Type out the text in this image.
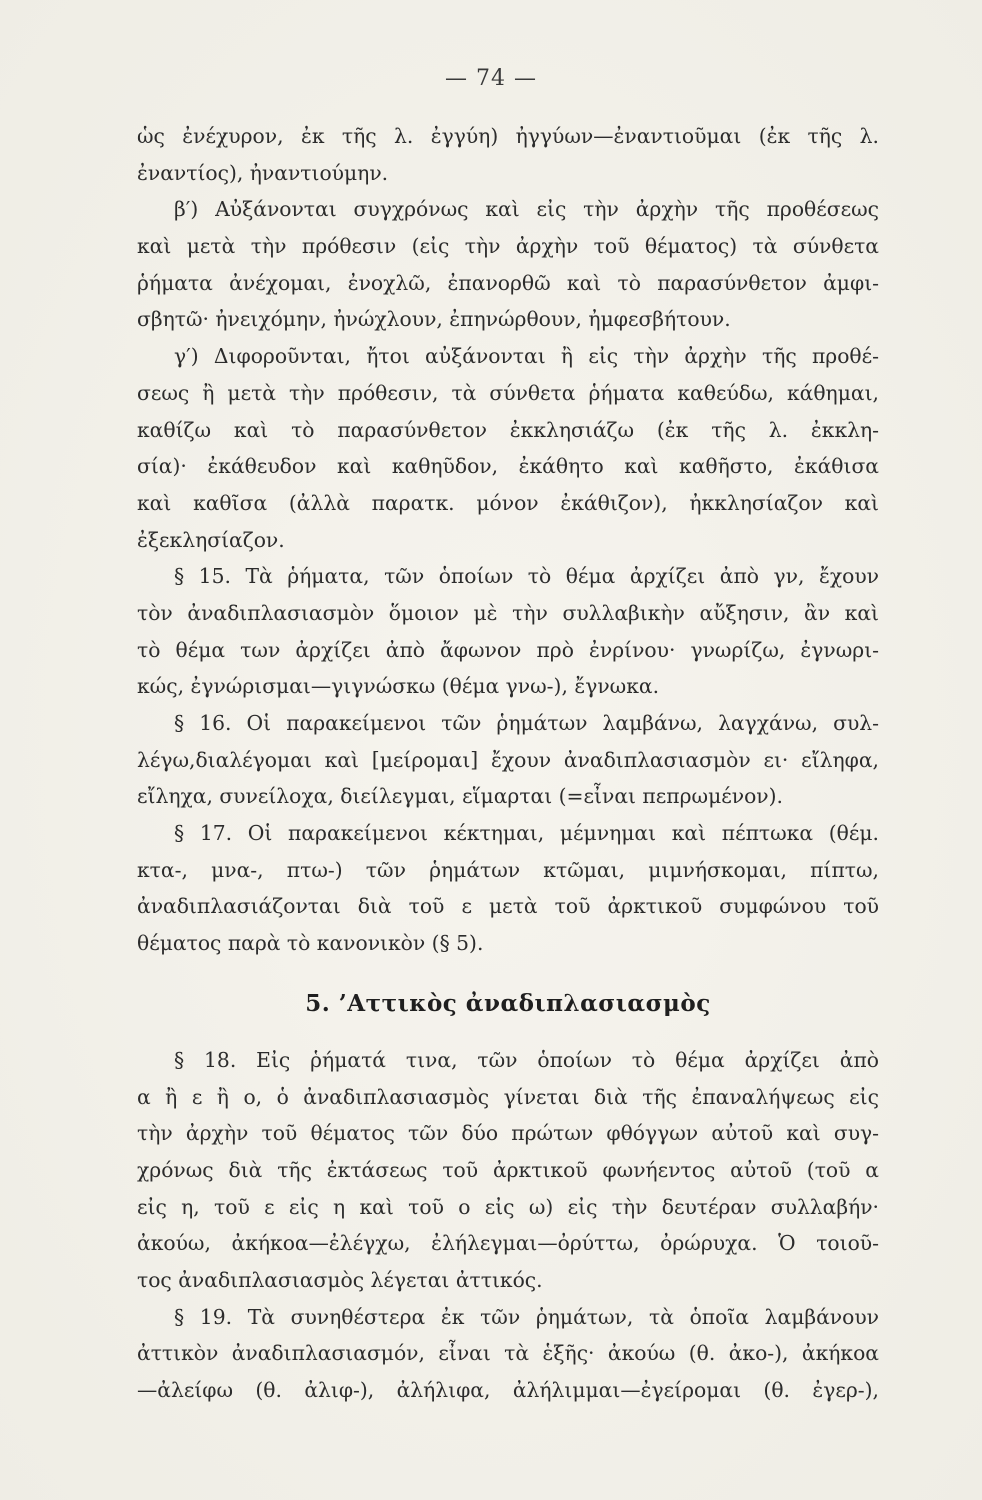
— 74 —
ὡς ἐνέχυρον, ἐκ τῆς λ. ἐγγύη) ἠγγύων—ἐναντιοῦμαι (ἐκ τῆς λ.
ἐναντίος), ἠναντιούμην.
β′) Αὐξάνονται συγχρόνως καὶ εἰς τὴν ἀρχὴν τῆς προθέσεως
καὶ μετὰ τὴν πρόθεσιν (εἰς τὴν ἀρχὴν τοῦ θέματος) τὰ σύνθετα
ῥήματα ἀνέχομαι, ἐνοχλῶ, ἐπανορθῶ καὶ τὸ παρασύνθετον ἀμφι-
σβητῶ· ἠνειχόμην, ἠνώχλουν, ἐπηνώρθουν, ἠμφεσβήτουν.
γ′) Διφοροῦνται, ἤτοι αὐξάνονται ἢ εἰς τὴν ἀρχὴν τῆς προθέ-
σεως ἢ μετὰ τὴν πρόθεσιν, τὰ σύνθετα ῥήματα καθεύδω, κάθημαι,
καθίζω καὶ τὸ παρασύνθετον ἐκκλησιάζω (ἐκ τῆς λ. ἐκκλη-
σία)· ἐκάθευδον καὶ καθηῦδον, ἐκάθητο καὶ καθῆστο, ἐκάθισα
καὶ καθῖσα (ἀλλὰ παρατκ. μόνον ἐκάθιζον), ἠκκλησίαζον καὶ
ἐξεκλησίαζον.
§ 15. Τὰ ῥήματα, τῶν ὁποίων τὸ θέμα ἀρχίζει ἀπὸ γν, ἔχουν
τὸν ἀναδιπλασιασμὸν ὅμοιον μὲ τὴν συλλαβικὴν αὔξησιν, ἂν καὶ
τὸ θέμα των ἀρχίζει ἀπὸ ἄφωνον πρὸ ἐνρίνου· γνωρίζω, ἐγνωρι-
κώς, ἐγνώρισμαι—γιγνώσκω (θέμα γνω-), ἔγνωκα.
§ 16. Οἱ παρακείμενοι τῶν ῥημάτων λαμβάνω, λαγχάνω, συλ-
λέγω,διαλέγομαι καὶ [μείρομαι] ἔχουν ἀναδιπλασιασμὸν ει· εἴληφα,
εἴληχα, συνείλοχα, διείλεγμαι, εἵμαρται (=εἶναι πεπρωμένον).
§ 17. Οἱ παρακείμενοι κέκτημαι, μέμνημαι καὶ πέπτωκα (θέμ.
κτα-, μνα-, πτω-) τῶν ῥημάτων κτῶμαι, μιμνήσκομαι, πίπτω,
ἀναδιπλασιάζονται διὰ τοῦ ε μετὰ τοῦ ἀρκτικοῦ συμφώνου τοῦ
θέματος παρὰ τὸ κανονικὸν (§ 5).
5. ’Αττικὸς ἀναδιπλασιασμὸς
§ 18. Εἰς ῥήματά τινα, τῶν ὁποίων τὸ θέμα ἀρχίζει ἀπὸ
α ἢ ε ἢ ο, ὁ ἀναδιπλασιασμὸς γίνεται διὰ τῆς ἐπαναλήψεως εἰς
τὴν ἀρχὴν τοῦ θέματος τῶν δύο πρώτων φθόγγων αὐτοῦ καὶ συγ-
χρόνως διὰ τῆς ἐκτάσεως τοῦ ἀρκτικοῦ φωνήεντος αὐτοῦ (τοῦ α
εἰς η, τοῦ ε εἰς η καὶ τοῦ ο εἰς ω) εἰς τὴν δευτέραν συλλαβήν·
ἀκούω, ἀκήκοα—ἐλέγχω, ἐλήλεγμαι—ὀρύττω, ὀρώρυχα. Ὁ τοιοῦ-
τος ἀναδιπλασιασμὸς λέγεται ἀττικός.
§ 19. Τὰ συνηθέστερα ἐκ τῶν ῥημάτων, τὰ ὁποῖα λαμβάνουν
ἀττικὸν ἀναδιπλασιασμόν, εἶναι τὰ ἑξῆς· ἀκούω (θ. ἀκο-), ἀκήκοα
—ἀλείφω (θ. ἀλιφ-), ἀλήλιφα, ἀλήλιμμαι—ἐγείρομαι (θ. ἐγερ-),
